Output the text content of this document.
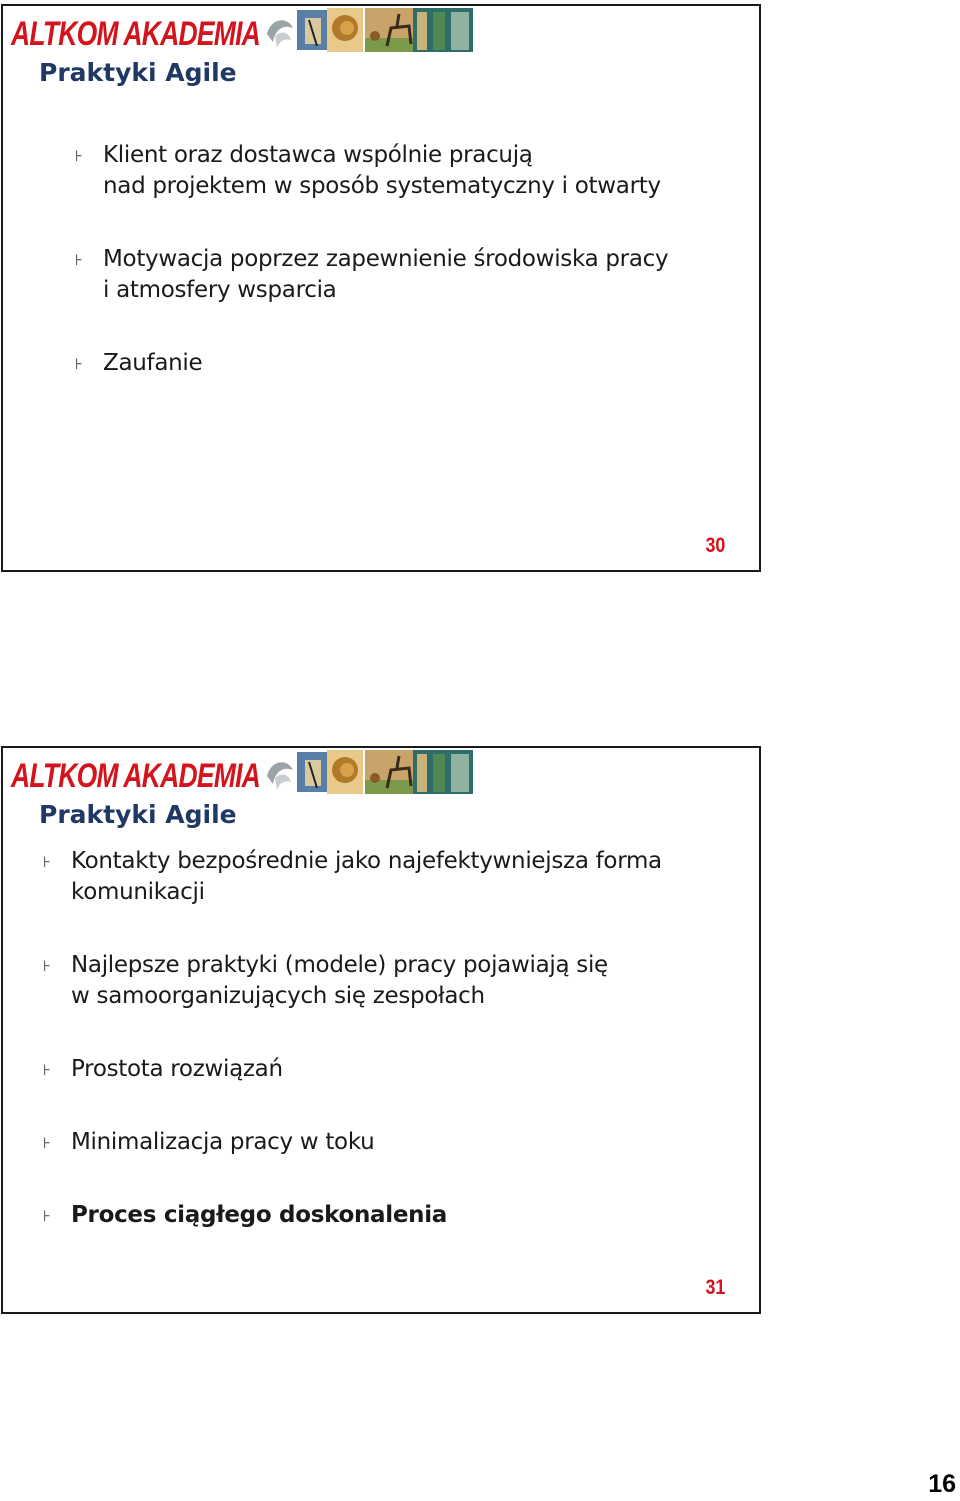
ALTKOM AKADEMIA
Praktyki Agile
⊦ Klient oraz dostawca wspólnie pracują
nad projektem w sposób systematyczny i otwarty
⊦ Motywacja poprzez zapewnienie środowiska pracy
i atmosfery wsparcia
⊦ Zaufanie
30
ALTKOM AKADEMIA
Praktyki Agile
⊦ Kontakty bezpośrednie jako najefektywniejsza forma
komunikacji
⊦ Najlepsze praktyki (modele) pracy pojawiają się
w samoorganizujących się zespołach
⊦ Prostota rozwiązań
⊦ Minimalizacja pracy w toku
⊦ Proces ciągłego doskonalenia
31
16
